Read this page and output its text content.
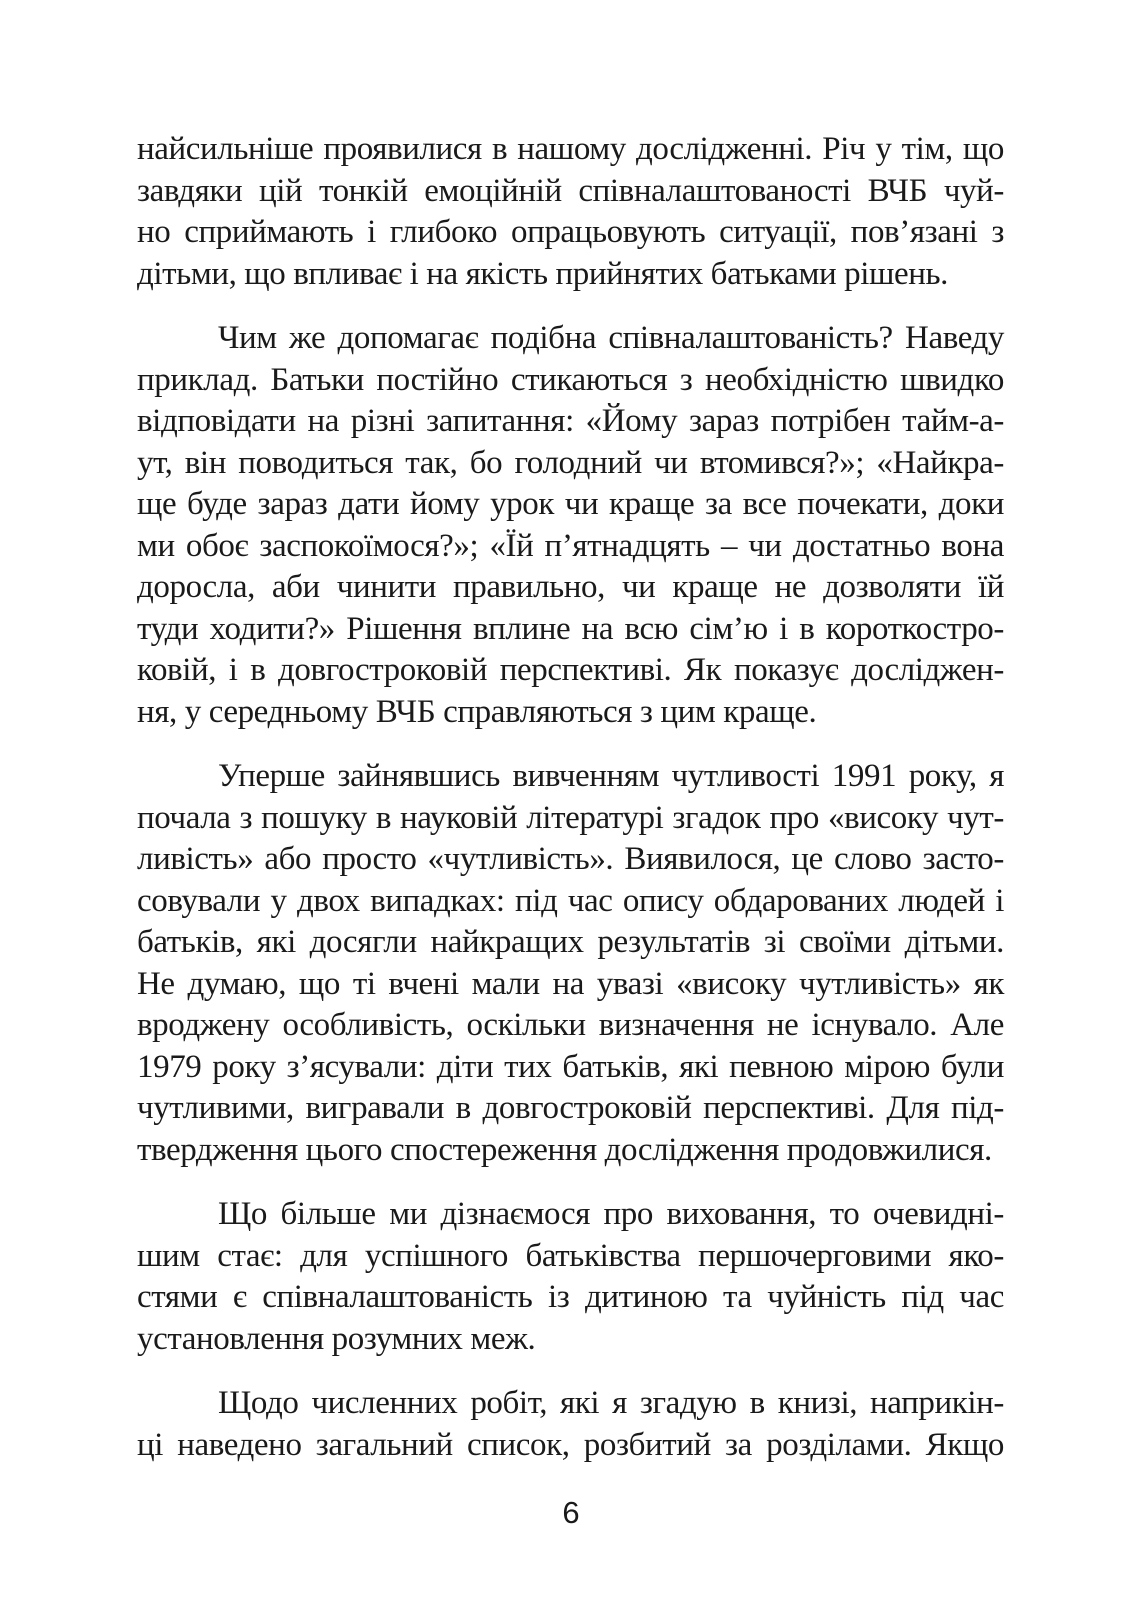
найсильніше проявилися в нашому дослідженні. Річ у тім, що
завдяки цій тонкій емоційній співналаштованості ВЧБ чуй-
но сприймають і глибоко опрацьовують ситуації, пов’язані з
дітьми, що впливає і на якість прийнятих батьками рішень.
Чим же допомагає подібна співналаштованість? Наведу
приклад. Батьки постійно стикаються з необхідністю швидко
відповідати на різні запитання: «Йому зараз потрібен тайм-а-
ут, він поводиться так, бо голодний чи втомився?»; «Найкра-
ще буде зараз дати йому урок чи краще за все почекати, доки
ми обоє заспокоїмося?»; «Їй п’ятнадцять – чи достатньо вона
доросла, аби чинити правильно, чи краще не дозволяти їй
туди ходити?» Рішення вплине на всю сім’ю і в короткостро-
ковій, і в довгостроковій перспективі. Як показує досліджен-
ня, у середньому ВЧБ справляються з цим краще.
Уперше зайнявшись вивченням чутливості 1991 року, я
почала з пошуку в науковій літературі згадок про «високу чут-
ливість» або просто «чутливість». Виявилося, це слово засто-
совували у двох випадках: під час опису обдарованих людей і
батьків, які досягли найкращих результатів зі своїми дітьми.
Не думаю, що ті вчені мали на увазі «високу чутливість» як
вроджену особливість, оскільки визначення не існувало. Але
1979 року з’ясували: діти тих батьків, які певною мірою були
чутливими, вигравали в довгостроковій перспективі. Для під-
твердження цього спостереження дослідження продовжилися.
Що більше ми дізнаємося про виховання, то очевидні-
шим стає: для успішного батьківства першочерговими яко-
стями є співналаштованість із дитиною та чуйність під час
установлення розумних меж.
Щодо численних робіт, які я згадую в книзі, наприкін-
ці наведено загальний список, розбитий за розділами. Якщо
6
